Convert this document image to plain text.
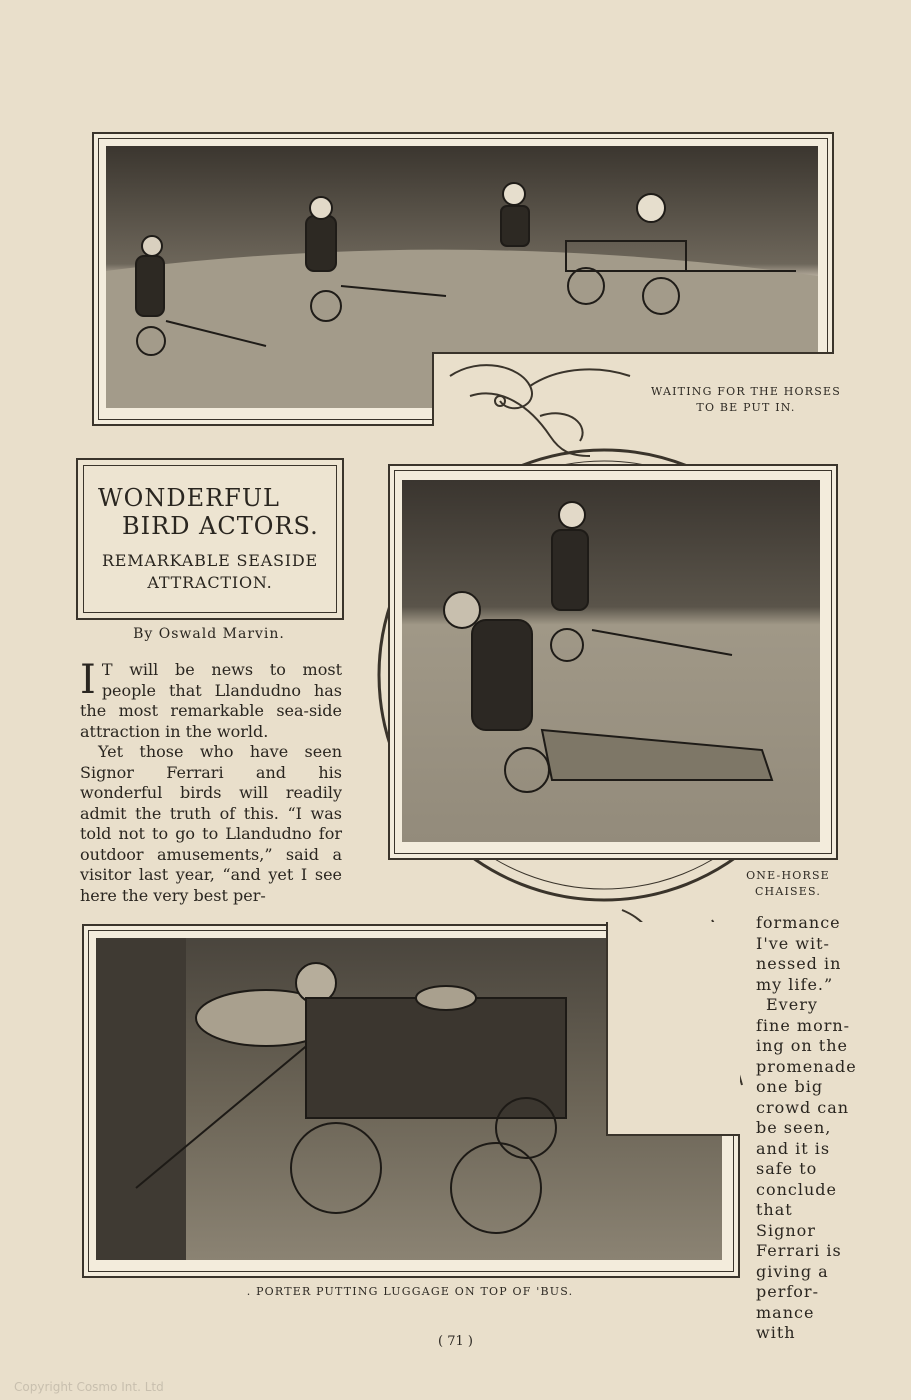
WAITING FOR THE HORSES
TO BE PUT IN.
WONDERFUL
BIRD ACTORS.
REMARKABLE SEASIDE
ATTRACTION.
By Oswald Marvin.
ONE-HORSE
CHAISES.

I T will be news to most people that Llandudno has the most remarkable sea-side attraction in the world.

Yet those who have seen Signor Ferrari and his wonderful birds will readily admit the truth of this. “I was told not to go to Llandudno for outdoor amusements,” said a visitor last year, “and yet I see here the very best per-

. PORTER PUTTING LUGGAGE ON TOP OF 'BUS.

formance

I've wit-

nessed in

my life.”

Every

fine morn-

ing on the

promenade

one big

crowd can

be seen,

and it is

safe to

conclude

that Signor

Ferrari is

giving a

perfor-

mance with

( 71 )
Copyright Cosmo Int. Ltd
